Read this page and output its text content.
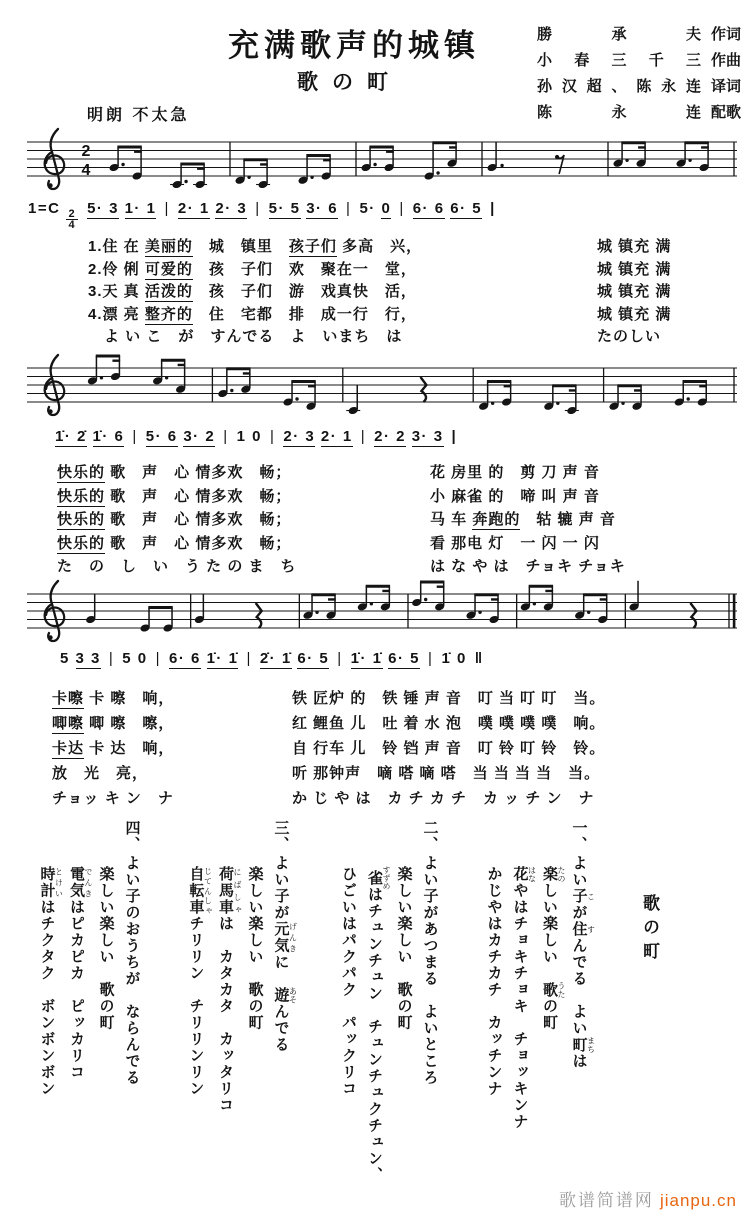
充满歌声的城镇
歌の町
勝承夫 作词
小春三千三 作曲
孙汉超、陈永连 译词
陈永连 配歌
明朗 不太急
2
4
1=C
$\frac{2}{4}$
5· 3 1· 1 | 2· 1 2· 3 | 5· 5 3· 6 | 5· 0 | 6· 6 6· 5 |
1.住 在 美丽的　城　镇里　孩子们 多高　兴，	城 镇充 满
2.伶 俐 可爱的　孩　子们　欢　聚在一　堂，	城 镇充 满
3.天 真 活泼的　孩　子们　游　戏真快　活，	城 镇充 满
4.漂 亮 整齐的　住　宅都　排　成一行　行，	城 镇充 满
　よ い こ　が　すんでる　よ　いまち　は	たのしい
1̇· 2̇ 1̇· 6 | 5· 6 3· 2 | 1 0 | 2· 3 2· 1 | 2· 2 3· 3 |
快乐的 歌　声　心 情多欢　畅；	花 房里 的　剪 刀 声 音
快乐的 歌　声　心 情多欢　畅；	小 麻雀 的　啼 叫 声 音
快乐的 歌　声　心 情多欢　畅；	马 车 奔跑的　轱 辘 声 音
快乐的 歌　声　心 情多欢　畅；	看 那电 灯　一 闪 一 闪
た　の　し　い　う た の ま　ち	は な や は　チョキ チョキ
5 3 3 | 5 0 | 6· 6 1̇· 1̇ | 2̇· 1̇ 6· 5 | 1̇· 1̇ 6· 5 | 1̇ 0 ‖
卡嚓 卡 嚓　响，	铁 匠炉 的　铁 锤 声 音　叮 当 叮 叮　当。
唧嚓 唧 嚓　嚓，	红 鲤鱼 儿　吐 着 水 泡　噗 噗 噗 噗　响。
卡达 卡 达　响，	自 行车 儿　铃 铛 声 音　叮 铃 叮 铃　铃。
放　光　亮，	听 那钟声　嘀 嗒 嘀 嗒　当 当 当 当　当。
チョッ キ ン　ナ	か じ や は　カ チ カ チ　カ ッ チ ン　ナ
歌の町

一、よい子 こが住 すんでる　よい町 まちは

楽 たのしい楽しい　歌 うたの町

花 はなやはチョキチョキ　チョッキンナ

かじやはカチカチ　カッチンナ

二、よい子があつまる　よいところ

楽しい楽しい　歌の町

雀 すずめはチュンチュン　チュンチュクチュン、

ひごいはパクパク　パックリコ

三、よい子が元気 げんきに　遊 あそんでる

楽しい楽しい　歌の町

荷馬車 にばしゃは　カタカタ　カッタリコ

自転車 じてんしゃチリリン　チリリンリン

四、よい子のおうちが　ならんでる

楽しい楽しい　歌の町

電気 でんきはピカピカ　ピッカリコ

時計 とけいはチクタク　ボンボンボン

歌谱简谱网 jianpu.cn
